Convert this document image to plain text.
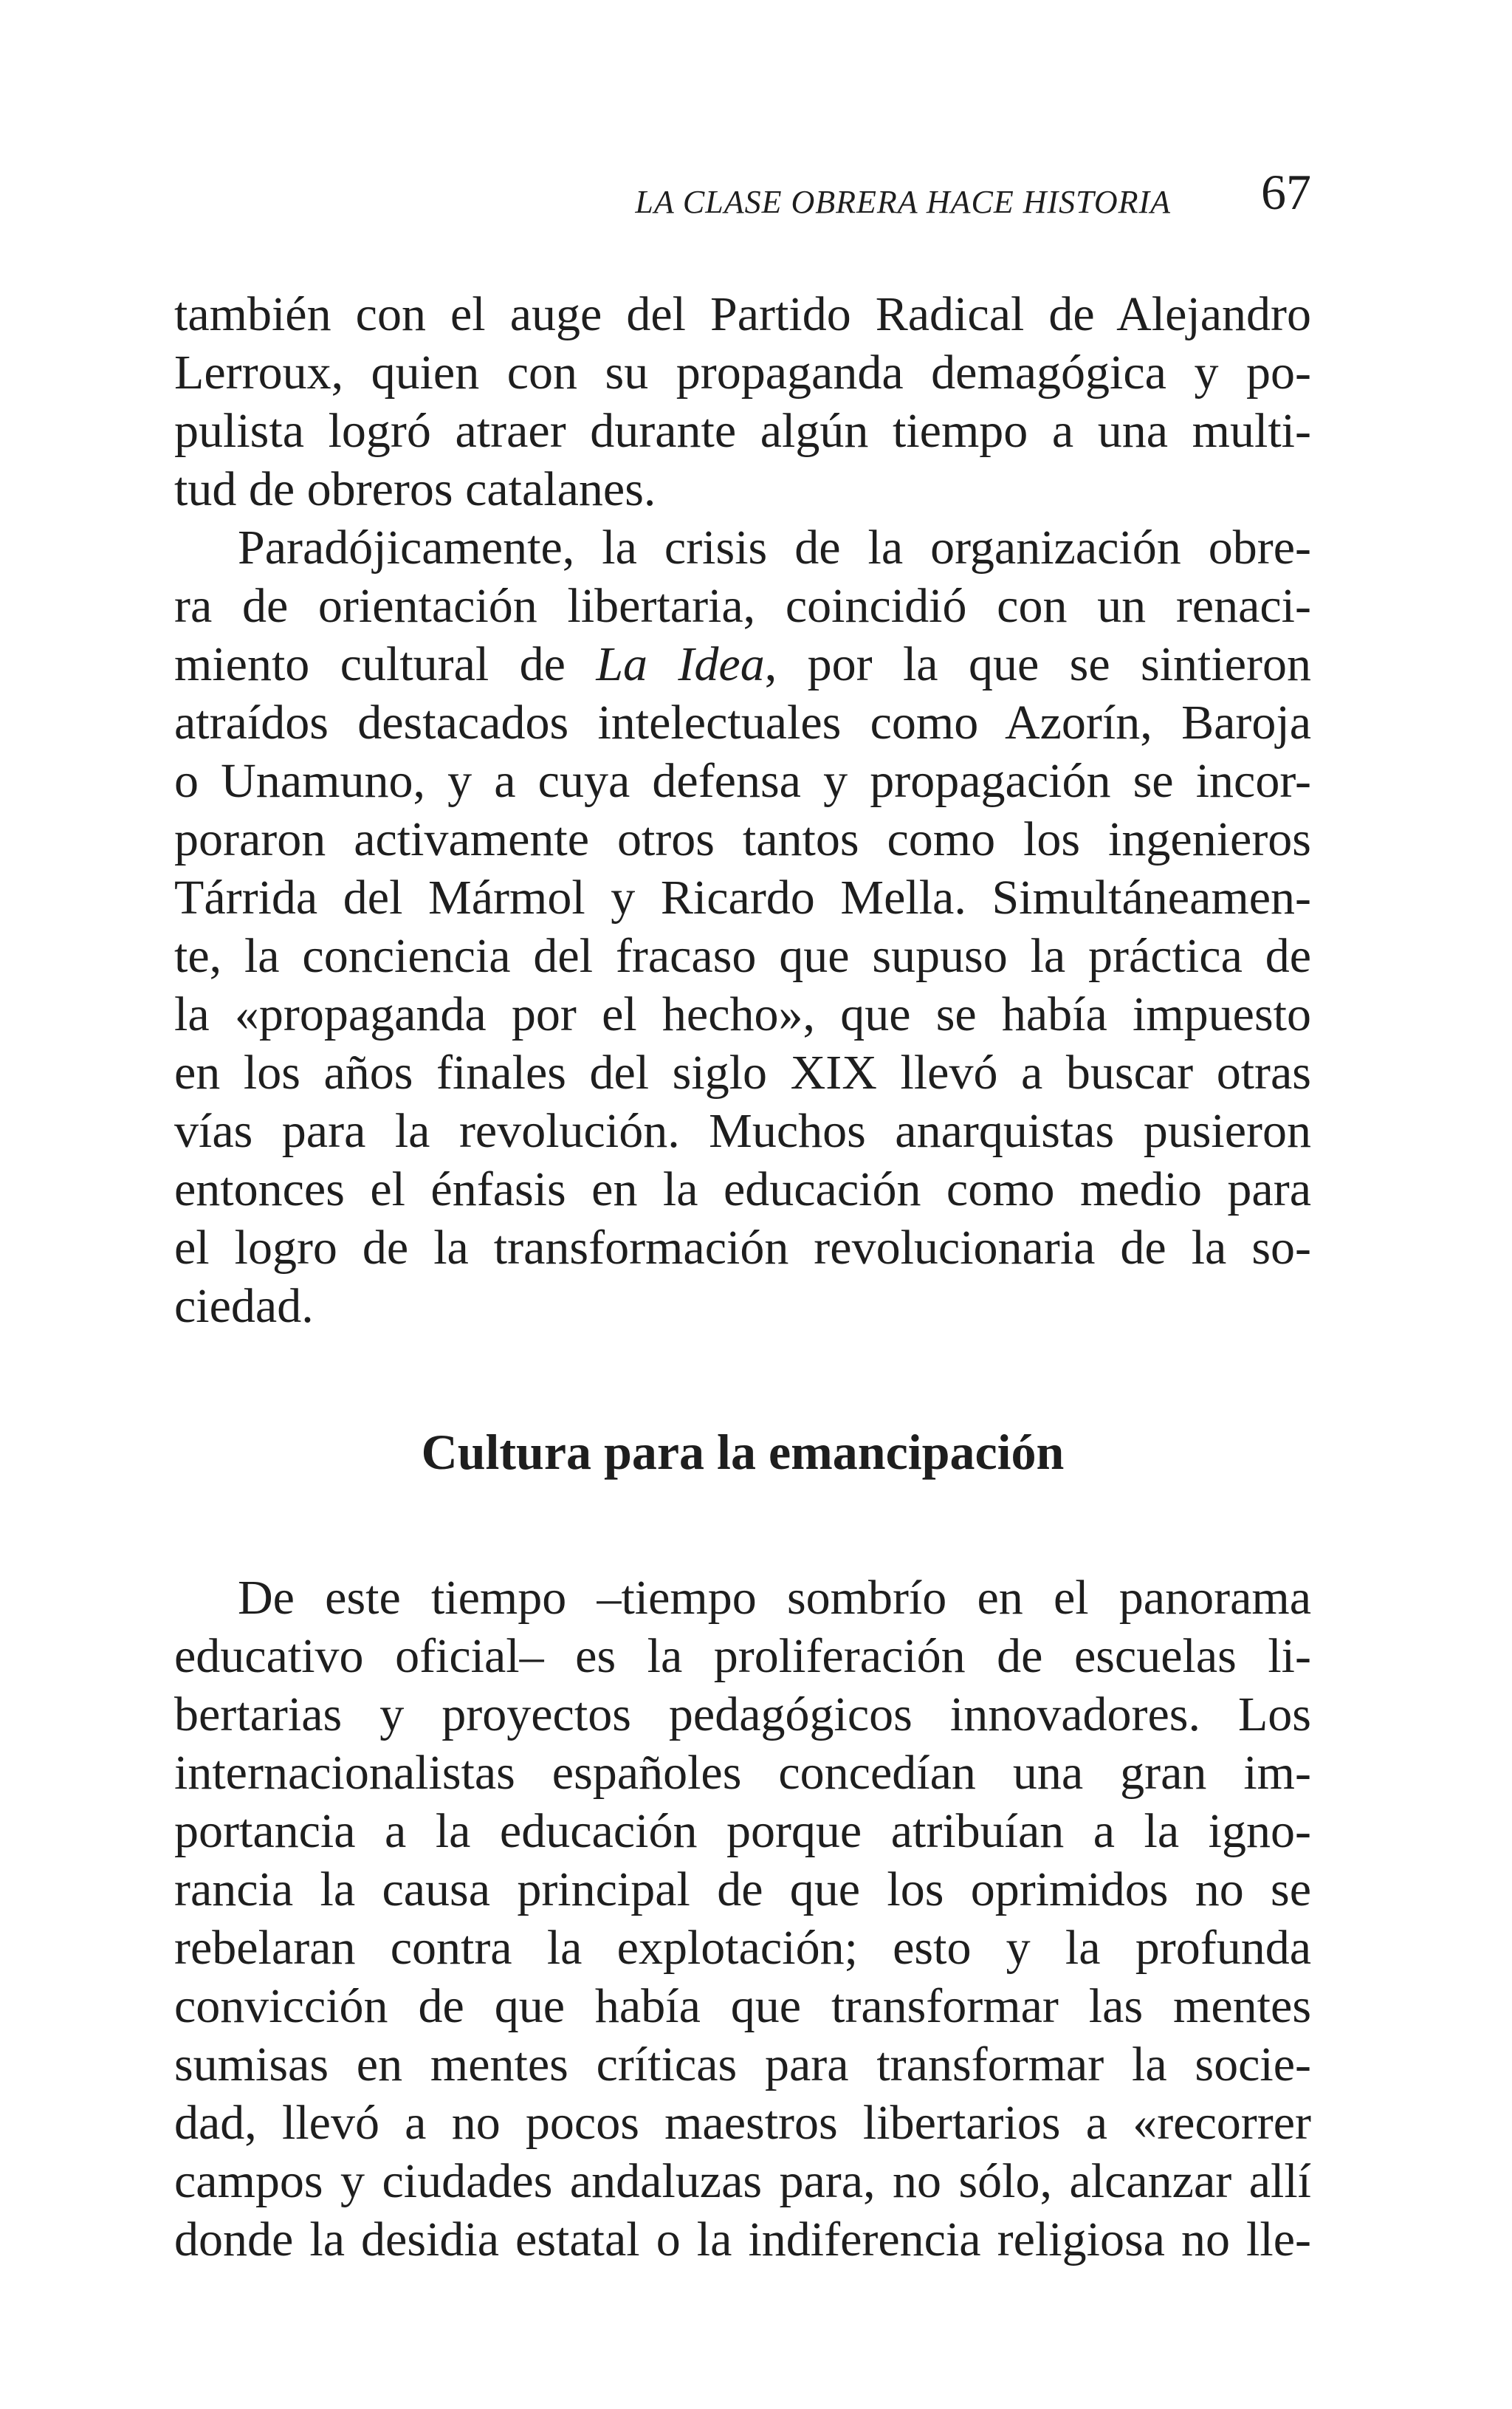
LA CLASE OBRERA HACE HISTORIA 67

también con el auge del Partido Radical de Alejandro
Lerroux, quien con su propaganda demagógica y po-
pulista logró atraer durante algún tiempo a una multi-
tud de obreros catalanes.

Paradójicamente, la crisis de la organización obre-
ra de orientación libertaria, coincidió con un renaci-
miento cultural de La Idea, por la que se sintieron
atraídos destacados intelectuales como Azorín, Baroja
o Unamuno, y a cuya defensa y propagación se incor-
poraron activamente otros tantos como los ingenieros
Tárrida del Mármol y Ricardo Mella. Simultáneamen-
te, la conciencia del fracaso que supuso la práctica de
la «propaganda por el hecho», que se había impuesto
en los años finales del siglo XIX llevó a buscar otras
vías para la revolución. Muchos anarquistas pusieron
entonces el énfasis en la educación como medio para
el logro de la transformación revolucionaria de la so-
ciedad.

Cultura para la emancipación

De este tiempo –tiempo sombrío en el panorama
educativo oficial– es la proliferación de escuelas li-
bertarias y proyectos pedagógicos innovadores. Los
internacionalistas españoles concedían una gran im-
portancia a la educación porque atribuían a la igno-
rancia la causa principal de que los oprimidos no se
rebelaran contra la explotación; esto y la profunda
convicción de que había que transformar las mentes
sumisas en mentes críticas para transformar la socie-
dad, llevó a no pocos maestros libertarios a «recorrer
campos y ciudades andaluzas para, no sólo, alcanzar allí
donde la desidia estatal o la indiferencia religiosa no lle-
